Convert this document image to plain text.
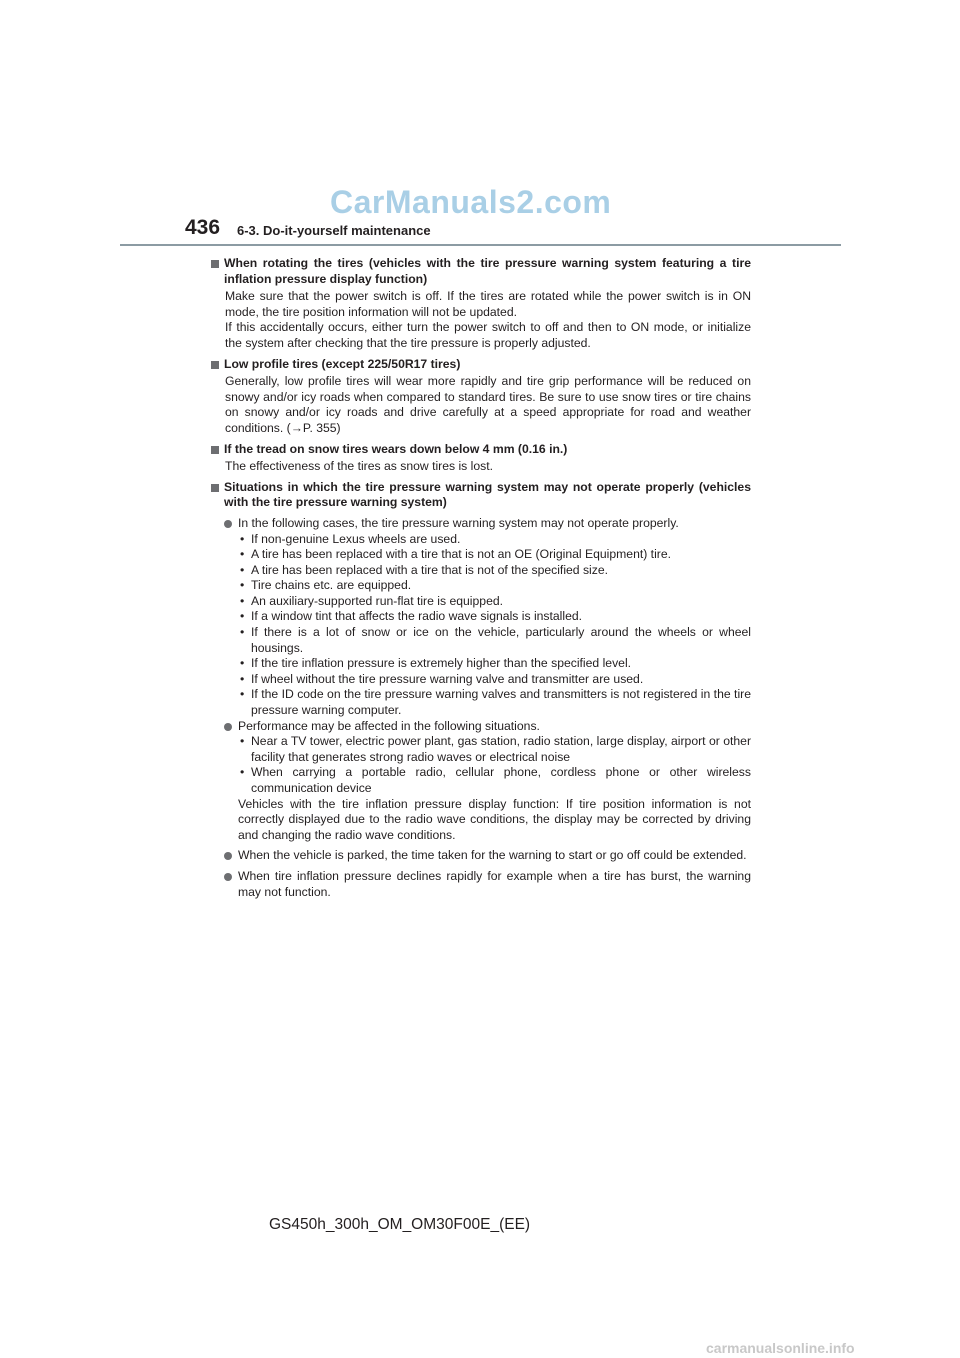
CarManuals2.com
436 6-3. Do-it-yourself maintenance
When rotating the tires (vehicles with the tire pressure warning system featuring a tire inflation pressure display function)
Make sure that the power switch is off. If the tires are rotated while the power switch is in ON mode, the tire position information will not be updated.
If this accidentally occurs, either turn the power switch to off and then to ON mode, or initialize the system after checking that the tire pressure is properly adjusted.
Low profile tires (except 225/50R17 tires)
Generally, low profile tires will wear more rapidly and tire grip performance will be reduced on snowy and/or icy roads when compared to standard tires. Be sure to use snow tires or tire chains on snowy and/or icy roads and drive carefully at a speed appropriate for road and weather conditions. (→P. 355)
If the tread on snow tires wears down below 4 mm (0.16 in.)
The effectiveness of the tires as snow tires is lost.
Situations in which the tire pressure warning system may not operate properly (vehicles with the tire pressure warning system)
In the following cases, the tire pressure warning system may not operate properly.
• If non-genuine Lexus wheels are used.
• A tire has been replaced with a tire that is not an OE (Original Equipment) tire.
• A tire has been replaced with a tire that is not of the specified size.
• Tire chains etc. are equipped.
• An auxiliary-supported run-flat tire is equipped.
• If a window tint that affects the radio wave signals is installed.
• If there is a lot of snow or ice on the vehicle, particularly around the wheels or wheel housings.
• If the tire inflation pressure is extremely higher than the specified level.
• If wheel without the tire pressure warning valve and transmitter are used.
• If the ID code on the tire pressure warning valves and transmitters is not registered in the tire pressure warning computer.
Performance may be affected in the following situations.
• Near a TV tower, electric power plant, gas station, radio station, large display, airport or other facility that generates strong radio waves or electrical noise
• When carrying a portable radio, cellular phone, cordless phone or other wireless communication device
Vehicles with the tire inflation pressure display function: If tire position information is not correctly displayed due to the radio wave conditions, the display may be corrected by driving and changing the radio wave conditions.
When the vehicle is parked, the time taken for the warning to start or go off could be extended.
When tire inflation pressure declines rapidly for example when a tire has burst, the warning may not function.
GS450h_300h_OM_OM30F00E_(EE)
carmanualsonline.info
